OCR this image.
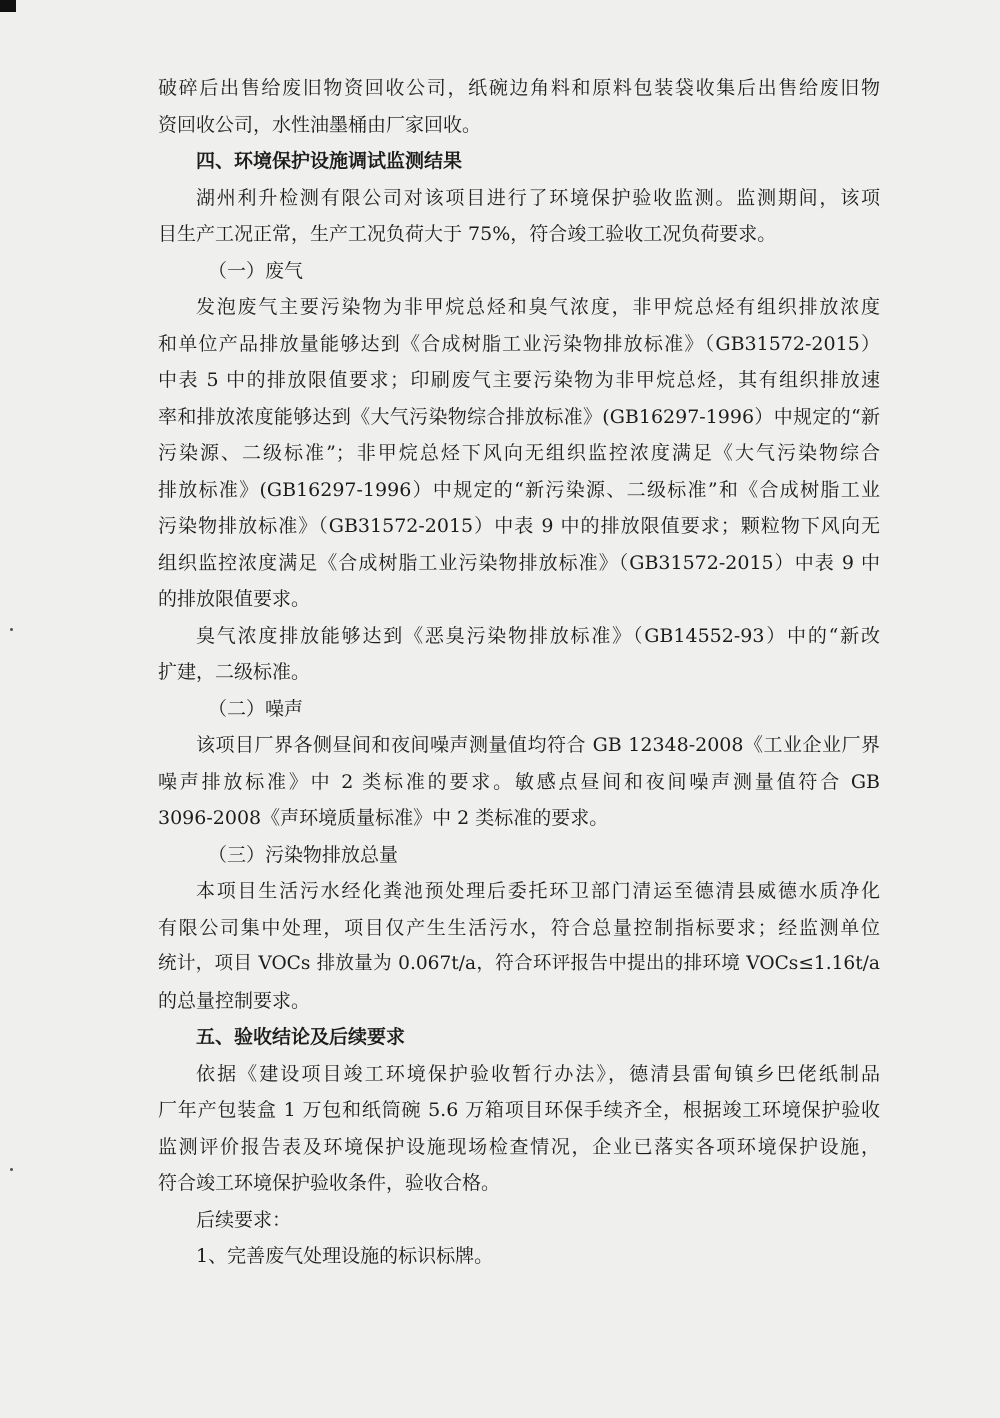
破碎后出售给废旧物资回收公司，纸碗边角料和原料包装袋收集后出售给废旧物
资回收公司，水性油墨桶由厂家回收。
四、环境保护设施调试监测结果
湖州利升检测有限公司对该项目进行了环境保护验收监测。监测期间，该项
目生产工况正常，生产工况负荷大于 75%，符合竣工验收工况负荷要求。
（一）废气
发泡废气主要污染物为非甲烷总烃和臭气浓度，非甲烷总烃有组织排放浓度
和单位产品排放量能够达到《合成树脂工业污染物排放标准》（GB31572-2015）
中表 5 中的排放限值要求；印刷废气主要污染物为非甲烷总烃，其有组织排放速
率和排放浓度能够达到《大气污染物综合排放标准》(GB16297-1996）中规定的“新
污染源、二级标准”；非甲烷总烃下风向无组织监控浓度满足《大气污染物综合
排放标准》(GB16297-1996）中规定的“新污染源、二级标准”和《合成树脂工业
污染物排放标准》（GB31572-2015）中表 9 中的排放限值要求；颗粒物下风向无
组织监控浓度满足《合成树脂工业污染物排放标准》（GB31572-2015）中表 9 中
的排放限值要求。
臭气浓度排放能够达到《恶臭污染物排放标准》（GB14552-93）中的“新改
扩建，二级标准。
（二）噪声
该项目厂界各侧昼间和夜间噪声测量值均符合 GB 12348-2008《工业企业厂界
噪声排放标准》中 2 类标准的要求。敏感点昼间和夜间噪声测量值符合 GB
3096-2008《声环境质量标准》中 2 类标准的要求。
（三）污染物排放总量
本项目生活污水经化粪池预处理后委托环卫部门清运至德清县威德水质净化
有限公司集中处理，项目仅产生生活污水，符合总量控制指标要求；经监测单位
统计，项目 VOCs 排放量为 0.067t/a，符合环评报告中提出的排环境 VOCs≤1.16t/a
的总量控制要求。
五、验收结论及后续要求
依据《建设项目竣工环境保护验收暂行办法》，德清县雷甸镇乡巴佬纸制品
厂年产包装盒 1 万包和纸筒碗 5.6 万箱项目环保手续齐全，根据竣工环境保护验收
监测评价报告表及环境保护设施现场检查情况，企业已落实各项环境保护设施，
符合竣工环境保护验收条件，验收合格。
后续要求：
1、完善废气处理设施的标识标牌。
